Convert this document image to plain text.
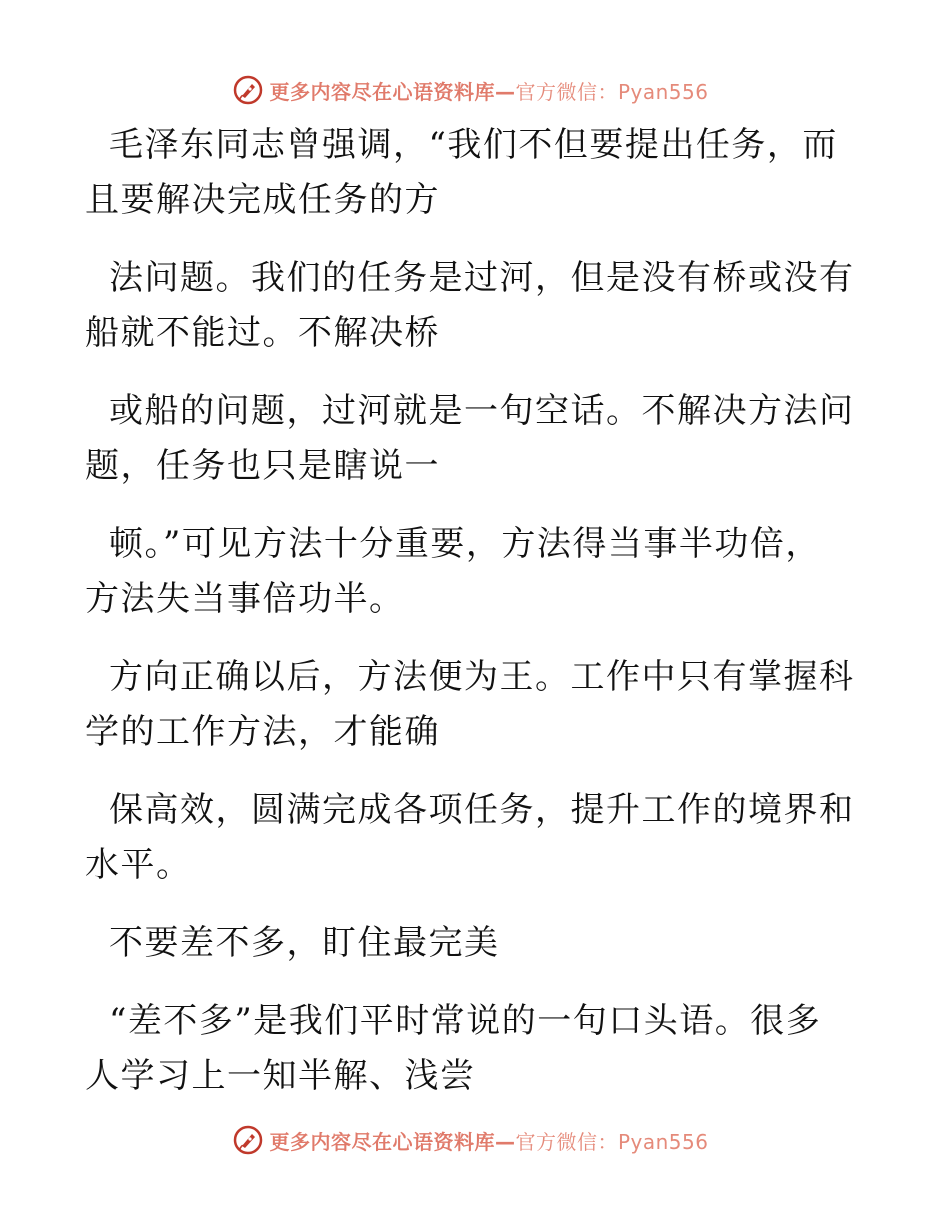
更多内容尽在心语资料库—官方微信：Pyan556

毛泽东同志曾强调，“我们不但要提出任务，而
且要解决完成任务的方

法问题。我们的任务是过河，但是没有桥或没有
船就不能过。不解决桥

或船的问题，过河就是一句空话。不解决方法问
题，任务也只是瞎说一

顿。”可见方法十分重要，方法得当事半功倍，
方法失当事倍功半。

方向正确以后，方法便为王。工作中只有掌握科
学的工作方法，才能确

保高效，圆满完成各项任务，提升工作的境界和
水平。

不要差不多，盯住最完美

“差不多”是我们平时常说的一句口头语。很多
人学习上一知半解、浅尝

更多内容尽在心语资料库—官方微信：Pyan556
